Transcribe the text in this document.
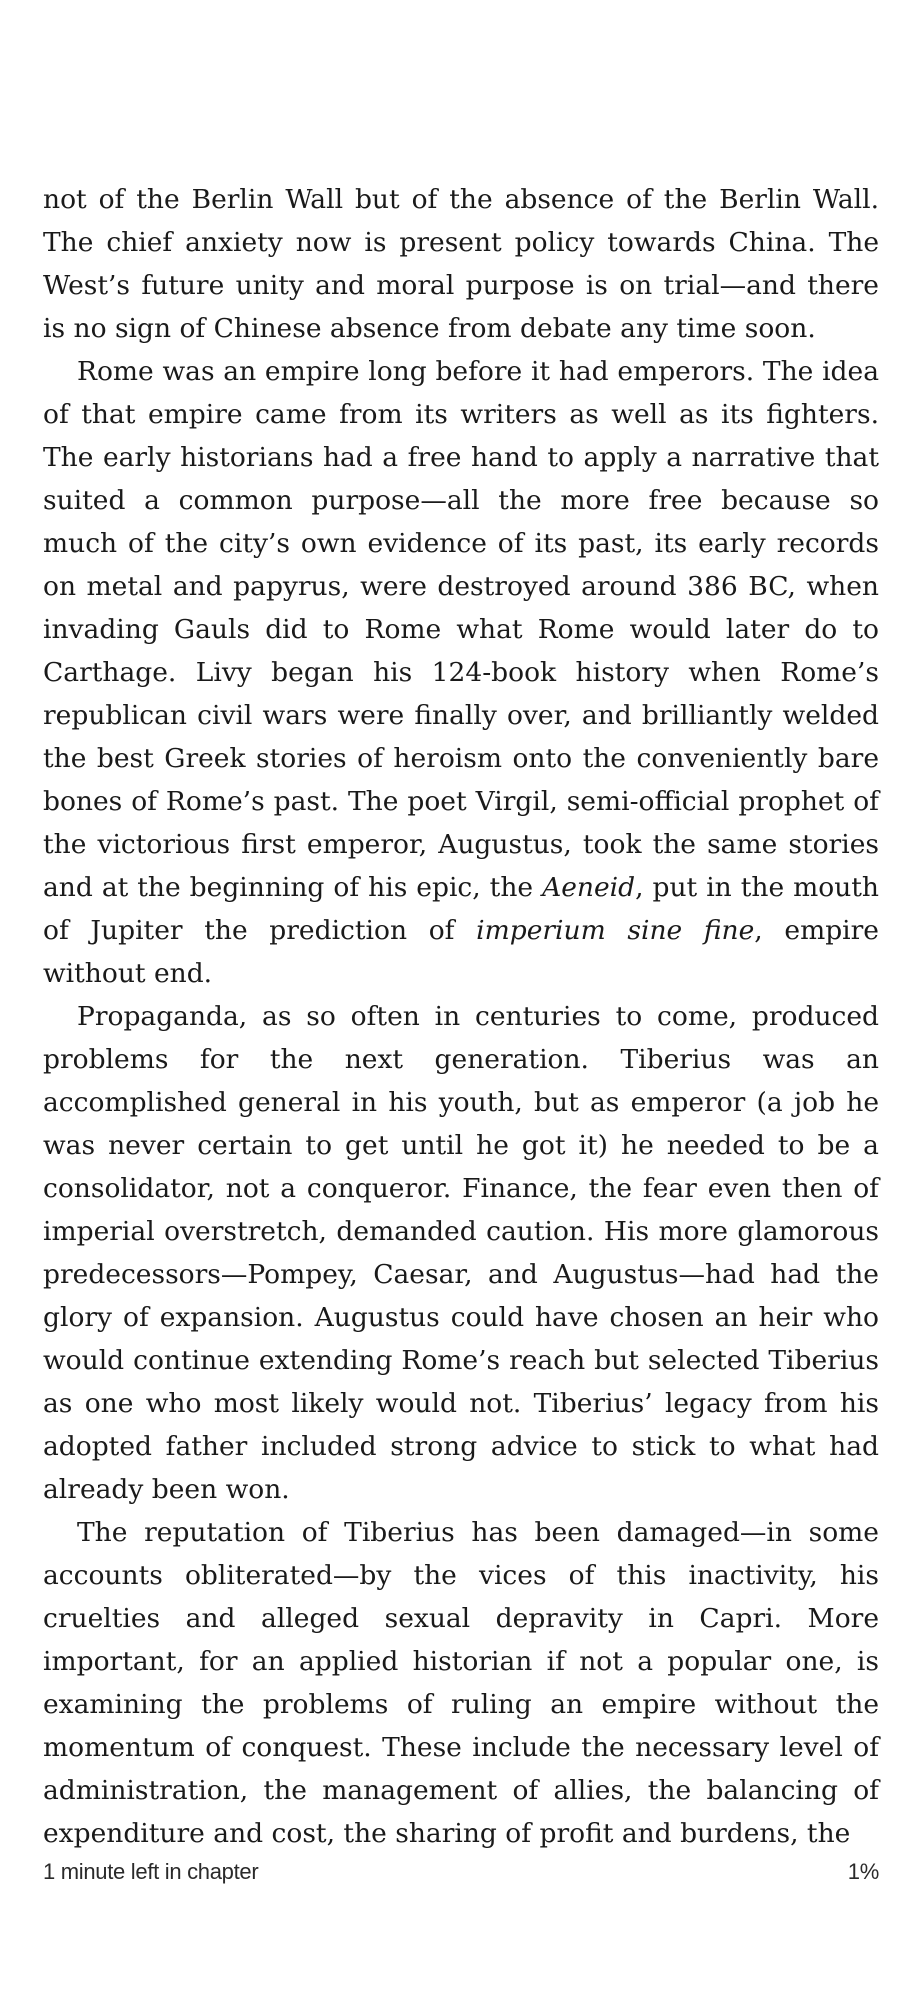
not of the Berlin Wall but of the absence of the Berlin Wall. The chief anxiety now is present policy towards China. The West’s future unity and moral purpose is on trial—and there is no sign of Chinese absence from debate any time soon.

Rome was an empire long before it had emperors. The idea of that empire came from its writers as well as its fighters. The early historians had a free hand to apply a narrative that suited a common purpose—all the more free because so much of the city’s own evidence of its past, its early records on metal and papyrus, were destroyed around 386 BC, when invading Gauls did to Rome what Rome would later do to Carthage. Livy began his 124-book history when Rome’s republican civil wars were finally over, and brilliantly welded the best Greek stories of heroism onto the conveniently bare bones of Rome’s past. The poet Virgil, semi-official prophet of the victorious first emperor, Augustus, took the same stories and at the beginning of his epic, the Aeneid, put in the mouth of Jupiter the prediction of imperium sine fine, empire without end.

Propaganda, as so often in centuries to come, produced problems for the next generation. Tiberius was an accomplished general in his youth, but as emperor (a job he was never certain to get until he got it) he needed to be a consolidator, not a conqueror. Finance, the fear even then of imperial overstretch, demanded caution. His more glamorous predecessors—Pompey, Caesar, and Augustus—had had the glory of expansion. Augustus could have chosen an heir who would continue extending Rome’s reach but selected Tiberius as one who most likely would not. Tiberius’ legacy from his adopted father included strong advice to stick to what had already been won.

The reputation of Tiberius has been damaged—in some accounts obliterated—by the vices of this inactivity, his cruelties and alleged sexual depravity in Capri. More important, for an applied historian if not a popular one, is examining the problems of ruling an empire without the momentum of conquest. These include the necessary level of administration, the management of allies, the balancing of expenditure and cost, the sharing of profit and burdens, the

1 minute left in chapter	1%
